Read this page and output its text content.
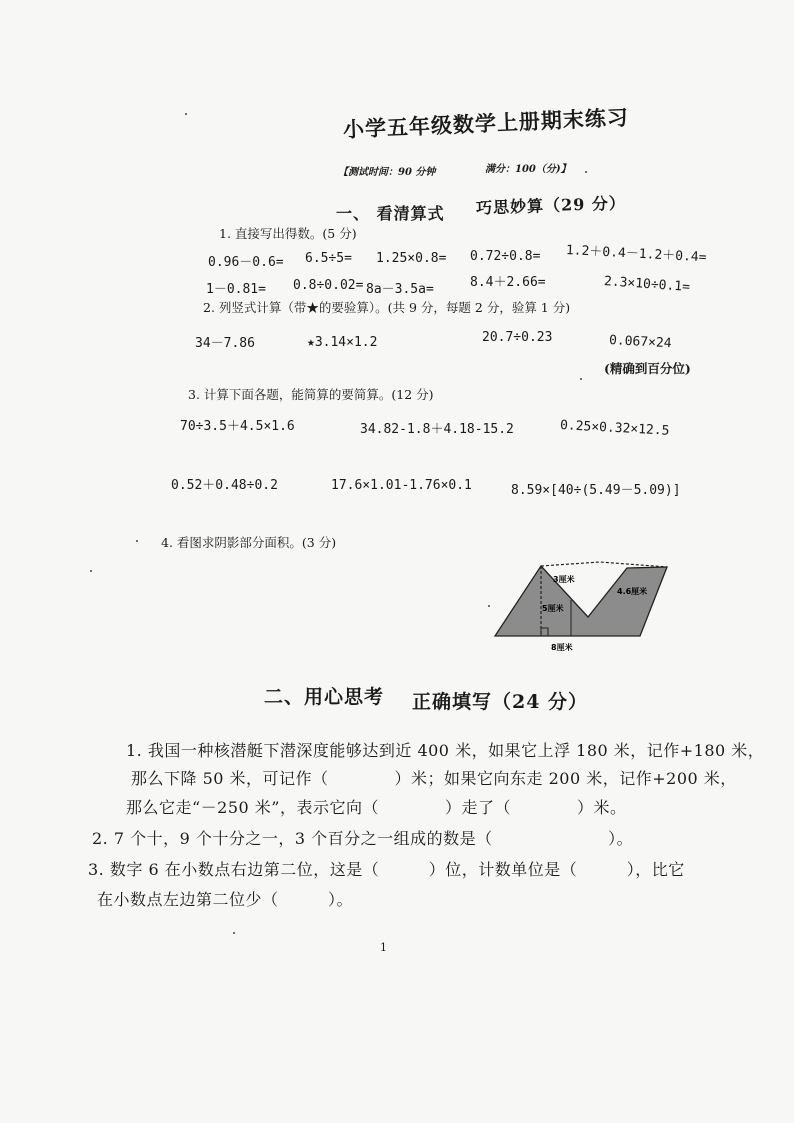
小学五年级数学上册期末练习
【测试时间：90 分钟	满分：100（分)】
一、 看清算式 巧思妙算（29 分）
1. 直接写出得数。(5 分)
0.96－0.6= 6.5÷5= 1.25×0.8= 0.72÷0.8= 1.2＋0.4－1.2＋0.4=
1－0.81= 0.8÷0.02= 8a－3.5a=	8.4＋2.66=	2.3×10÷0.1=
2. 列竖式计算（带★的要验算）。(共 9 分，每题 2 分，验算 1 分)
34－7.86	★3.14×1.2	20.7÷0.23	0.067×24
(精确到百分位)
3. 计算下面各题，能简算的要简算。(12 分)
70÷3.5＋4.5×1.6	34.82-1.8＋4.18-15.2	0.25×0.32×12.5
0.52＋0.48÷0.2	17.6×1.01-1.76×0.1	8.59×[40÷(5.49－5.09)]
4. 看图求阴影部分面积。(3 分)
3厘米
4.6厘米
5厘米
8厘米
二、用心思考 正确填写（24 分）
1. 我国一种核潜艇下潜深度能够达到近 400 米，如果它上浮 180 米，记作+180 米，
那么下降 50 米，可记作（　　　　）米；如果它向东走 200 米，记作+200 米，
那么它走“－250 米”，表示它向（　　　　）走了（　　　　）米。
2. 7 个十，9 个十分之一，3 个百分之一组成的数是（　　　　　　　）。
3. 数字 6 在小数点右边第二位，这是（　　　）位，计数单位是（　　　），比它
在小数点左边第二位少（　　　）。
1
